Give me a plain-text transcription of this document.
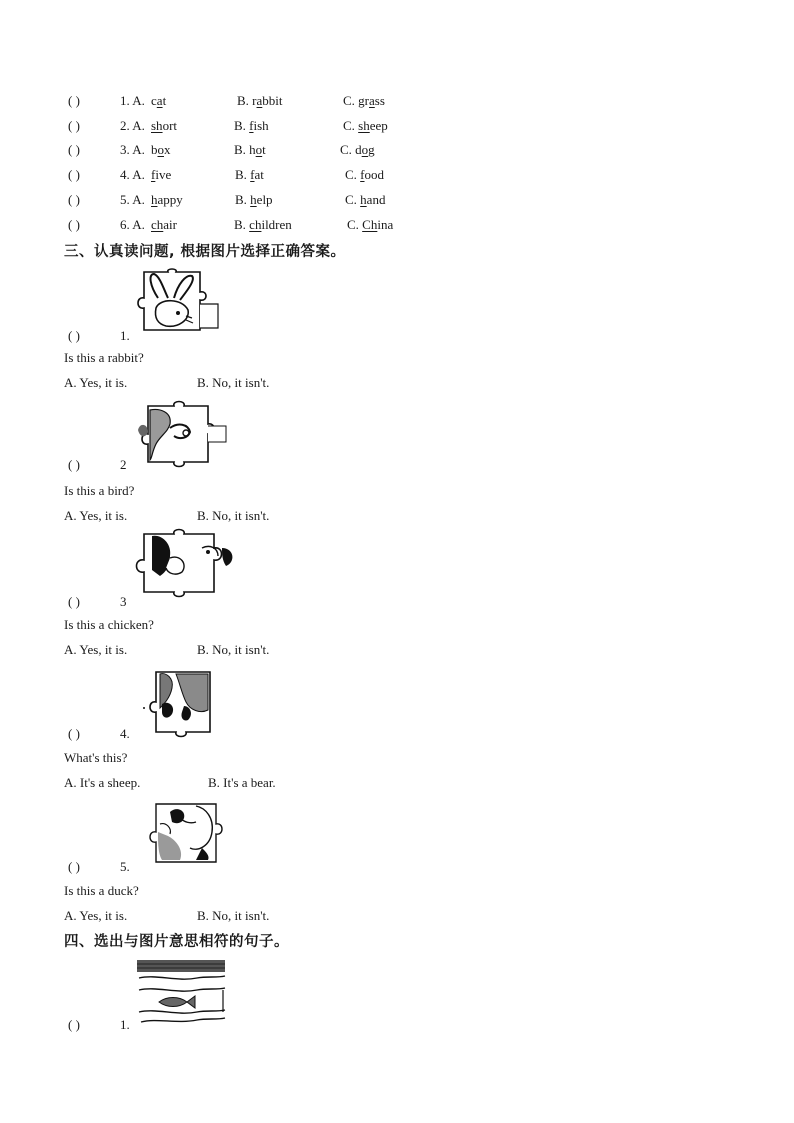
( )	1. A. cat	B. rabbit	C. grass
( )	2. A. short	B. fish	C. sheep
( )	3. A. box	B. hot	C. dog
( )	4. A. five	B. fat	C. food
( )	5. A. happy	B. help	C. hand
( )	6. A. chair	B. children	C. China
三、认真读问题, 根据图片选择正确答案。
( )	1.
Is this a rabbit?
A. Yes, it is.	B. No, it isn't.
( )	2
Is this a bird?
A. Yes, it is.	B. No, it isn't.
( )	3
Is this a chicken?
A. Yes, it is.	B. No, it isn't.
( )	4.
What's this?
A. It's a sheep.	B. It's a bear.
( )	5.
Is this a duck?
A. Yes, it is.	B. No, it isn't.
四、选出与图片意思相符的句子。
( )	1.
